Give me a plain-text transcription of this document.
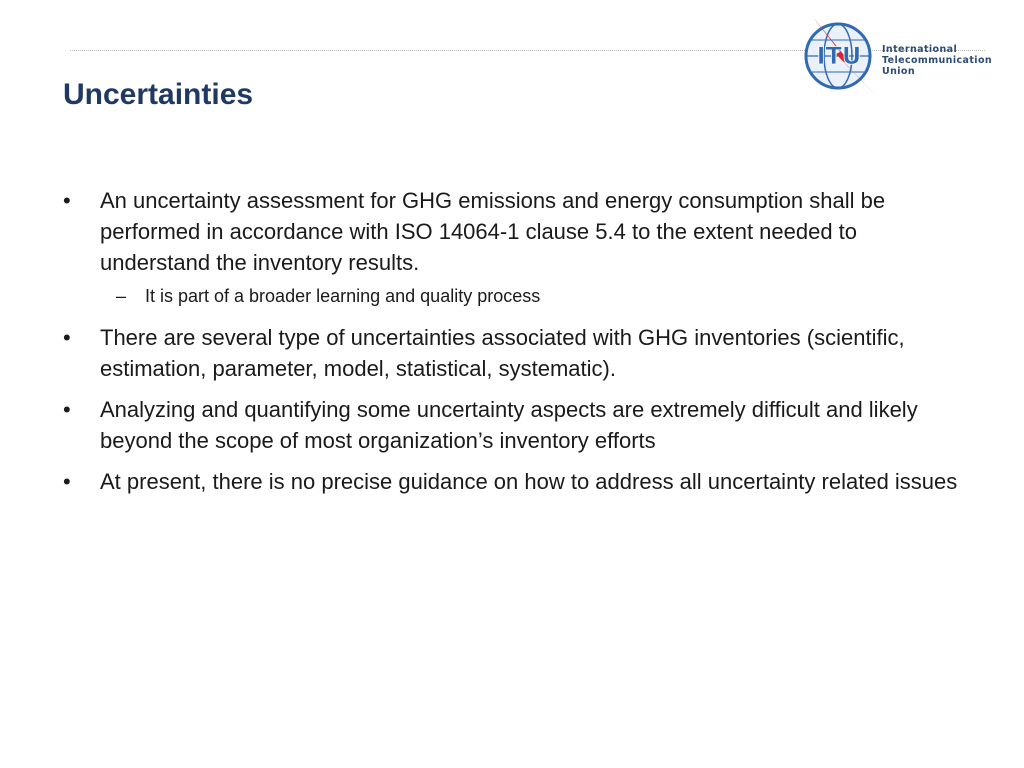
ITU International
Telecommunication
Union
Uncertainties
• An uncertainty assessment for GHG emissions and energy consumption shall be performed in accordance with ISO 14064-1 clause 5.4 to the extent needed to understand the inventory results.
– It is part of a broader learning and quality process
• There are several type of uncertainties associated with GHG inventories (scientific, estimation, parameter, model, statistical, systematic).
• Analyzing and quantifying some uncertainty aspects are extremely difficult and likely beyond the scope of most organization’s inventory efforts
• At present, there is no precise guidance on how to address all uncertainty related issues
